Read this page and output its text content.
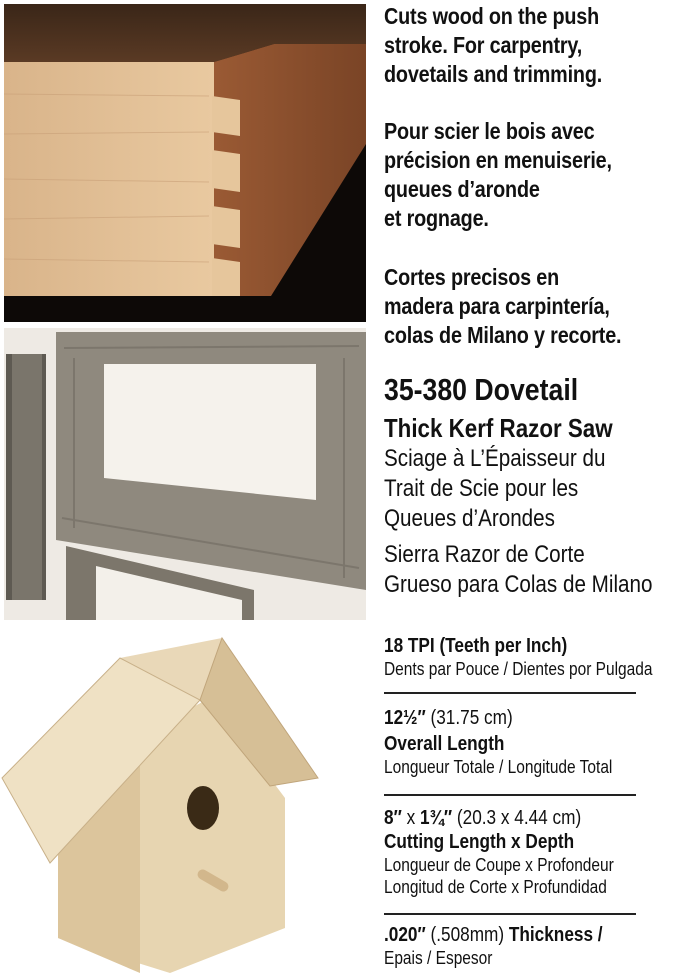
Cuts wood on the push
stroke. For carpentry,
dovetails and trimming.
Pour scier le bois avec
précision en menuiserie,
queues d’aronde
et rognage.
Cortes precisos en
madera para carpintería,
colas de Milano y recorte.
35-380 Dovetail
Thick Kerf Razor Saw
Sciage à L’Épaisseur du
Trait de Scie pour les
Queues d’Arondes
Sierra Razor de Corte
Grueso para Colas de Milano
18 TPI (Teeth per Inch)
Dents par Pouce / Dientes por Pulgada
12½″ (31.75 cm)
Overall Length
Longueur Totale / Longitude Total
8″ x 1¾″ (20.3 x 4.44 cm)
Cutting Length x Depth
Longueur de Coupe x Profondeur
Longitud de Corte x Profundidad
.020″ (.508mm) Thickness /
Epais / Espesor
